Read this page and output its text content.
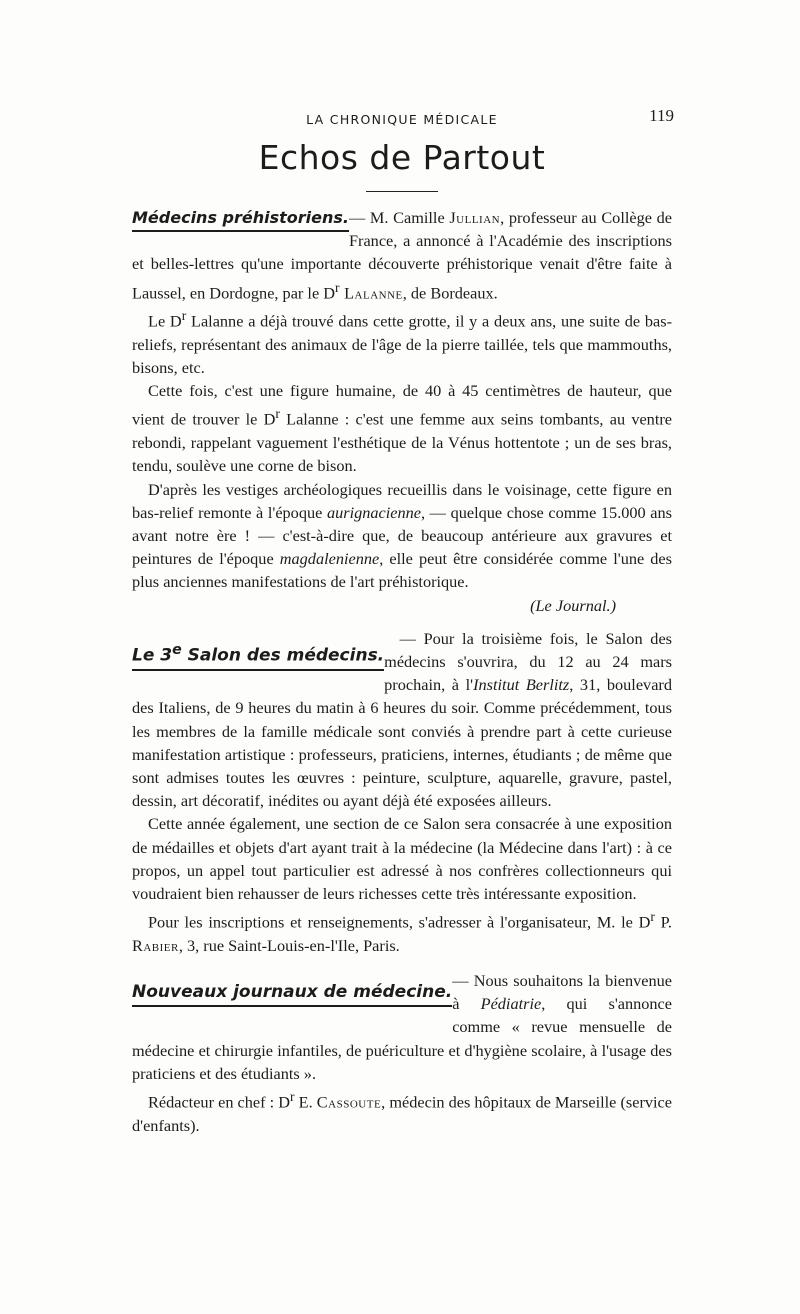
LA CHRONIQUE MÉDICALE	119
Echos de Partout

Médecins préhistoriens. — M. Camille Jullian, professeur au Collège de France, a annoncé à l'Académie des inscriptions et belles-lettres qu'une importante découverte préhistorique venait d'être faite à Laussel, en Dordogne, par le $D^r$ Lalanne, de Bordeaux.

Le $D^r$ Lalanne a déjà trouvé dans cette grotte, il y a deux ans, une suite de bas-reliefs, représentant des animaux de l'âge de la pierre taillée, tels que mammouths, bisons, etc.

Cette fois, c'est une figure humaine, de 40 à 45 centimètres de hauteur, que vient de trouver le $D^r$ Lalanne : c'est une femme aux seins tombants, au ventre rebondi, rappelant vaguement l'esthétique de la Vénus hottentote ; un de ses bras, tendu, soulève une corne de bison.

D'après les vestiges archéologiques recueillis dans le voisinage, cette figure en bas-relief remonte à l'époque aurignacienne, — quelque chose comme 15.000 ans avant notre ère ! — c'est-à-dire que, de beaucoup antérieure aux gravures et peintures de l'époque magdalenienne, elle peut être considérée comme l'une des plus anciennes manifestations de l'art préhistorique.

(Le Journal.)

Le 3e Salon des médecins.
— Pour la troisième fois, le Salon des médecins s'ouvrira, du 12 au 24 mars prochain, à l'Institut Berlitz, 31, boulevard des Italiens, de 9 heures du matin à 6 heures du soir. Comme précédemment, tous les membres de la famille médicale sont conviés à prendre part à cette curieuse manifestation artistique : professeurs, praticiens, internes, étudiants ; de même que sont admises toutes les œuvres : peinture, sculpture, aquarelle, gravure, pastel, dessin, art décoratif, inédites ou ayant déjà été exposées ailleurs.

Cette année également, une section de ce Salon sera consacrée à une exposition de médailles et objets d'art ayant trait à la médecine (la Médecine dans l'art) : à ce propos, un appel tout particulier est adressé à nos confrères collectionneurs qui voudraient bien rehausser de leurs richesses cette très intéressante exposition.

Pour les inscriptions et renseignements, s'adresser à l'organisateur, M. le $D^r$ P. Rabier, 3, rue Saint-Louis-en-l'Ile, Paris.

Nouveaux journaux de médecine.
— Nous souhaitons la bienvenue à Pédiatrie, qui s'annonce comme « revue mensuelle de médecine et chirurgie infantiles, de puériculture et d'hygiène scolaire, à l'usage des praticiens et des étudiants ».

Rédacteur en chef : $D^r$ E. Cassoute, médecin des hôpitaux de Marseille (service d'enfants).
